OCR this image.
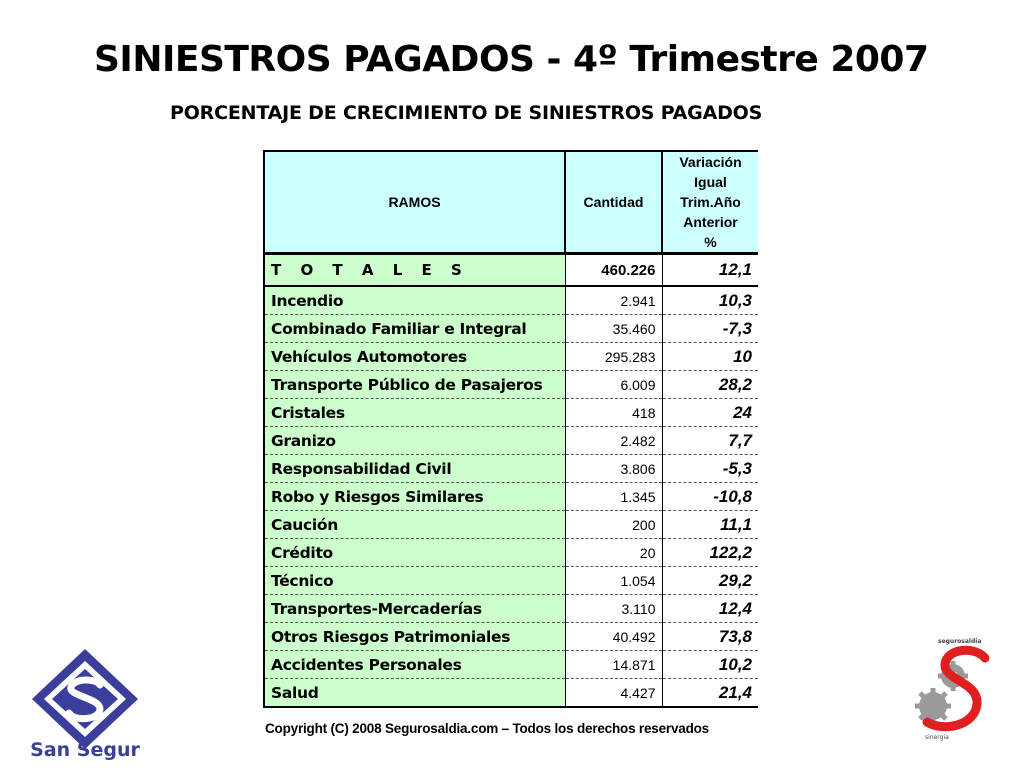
SINIESTROS PAGADOS - 4º Trimestre 2007
PORCENTAJE DE CRECIMIENTO DE SINIESTROS PAGADOS
RAMOS	Cantidad	Variación
Igual
Trim.Año
Anterior
%

T O T A L E S	460.226	12,1
Incendio	2.941	10,3
Combinado Familiar e Integral	35.460	-7,3
Vehículos Automotores	295.283	10
Transporte Público de Pasajeros	6.009	28,2
Cristales	418	24
Granizo	2.482	7,7
Responsabilidad Civil	3.806	-5,3
Robo y Riesgos Similares	1.345	-10,8
Caución	200	11,1
Crédito	20	122,2
Técnico	1.054	29,2
Transportes-Mercaderías	3.110	12,4
Otros Riesgos Patrimoniales	40.492	73,8
Accidentes Personales	14.871	10,2
Salud	4.427	21,4

Copyright (C) 2008 Segurosaldia.com – Todos los derechos reservados

San Segur

segurosaldia

sinergia
